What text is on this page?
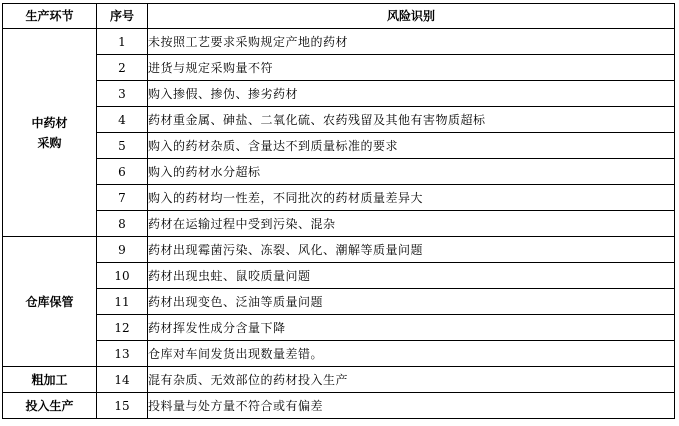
生产环节	序号	风险识别
中药材采购	1	未按照工艺要求采购规定产地的药材
	2	进货与规定采购量不符
	3	购入掺假、掺伪、掺劣药材
	4	药材重金属、砷盐、二氧化硫、农药残留及其他有害物质超标
	5	购入的药材杂质、含量达不到质量标准的要求
	6	购入的药材水分超标
	7	购入的药材均一性差，不同批次的药材质量差异大
	8	药材在运输过程中受到污染、混杂
仓库保管	9	药材出现霉菌污染、冻裂、风化、潮解等质量问题
	10	药材出现虫蛀、鼠咬质量问题
	11	药材出现变色、泛油等质量问题
	12	药材挥发性成分含量下降
	13	仓库对车间发货出现数量差错。
粗加工	14	混有杂质、无效部位的药材投入生产
投入生产	15	投料量与处方量不符合或有偏差
